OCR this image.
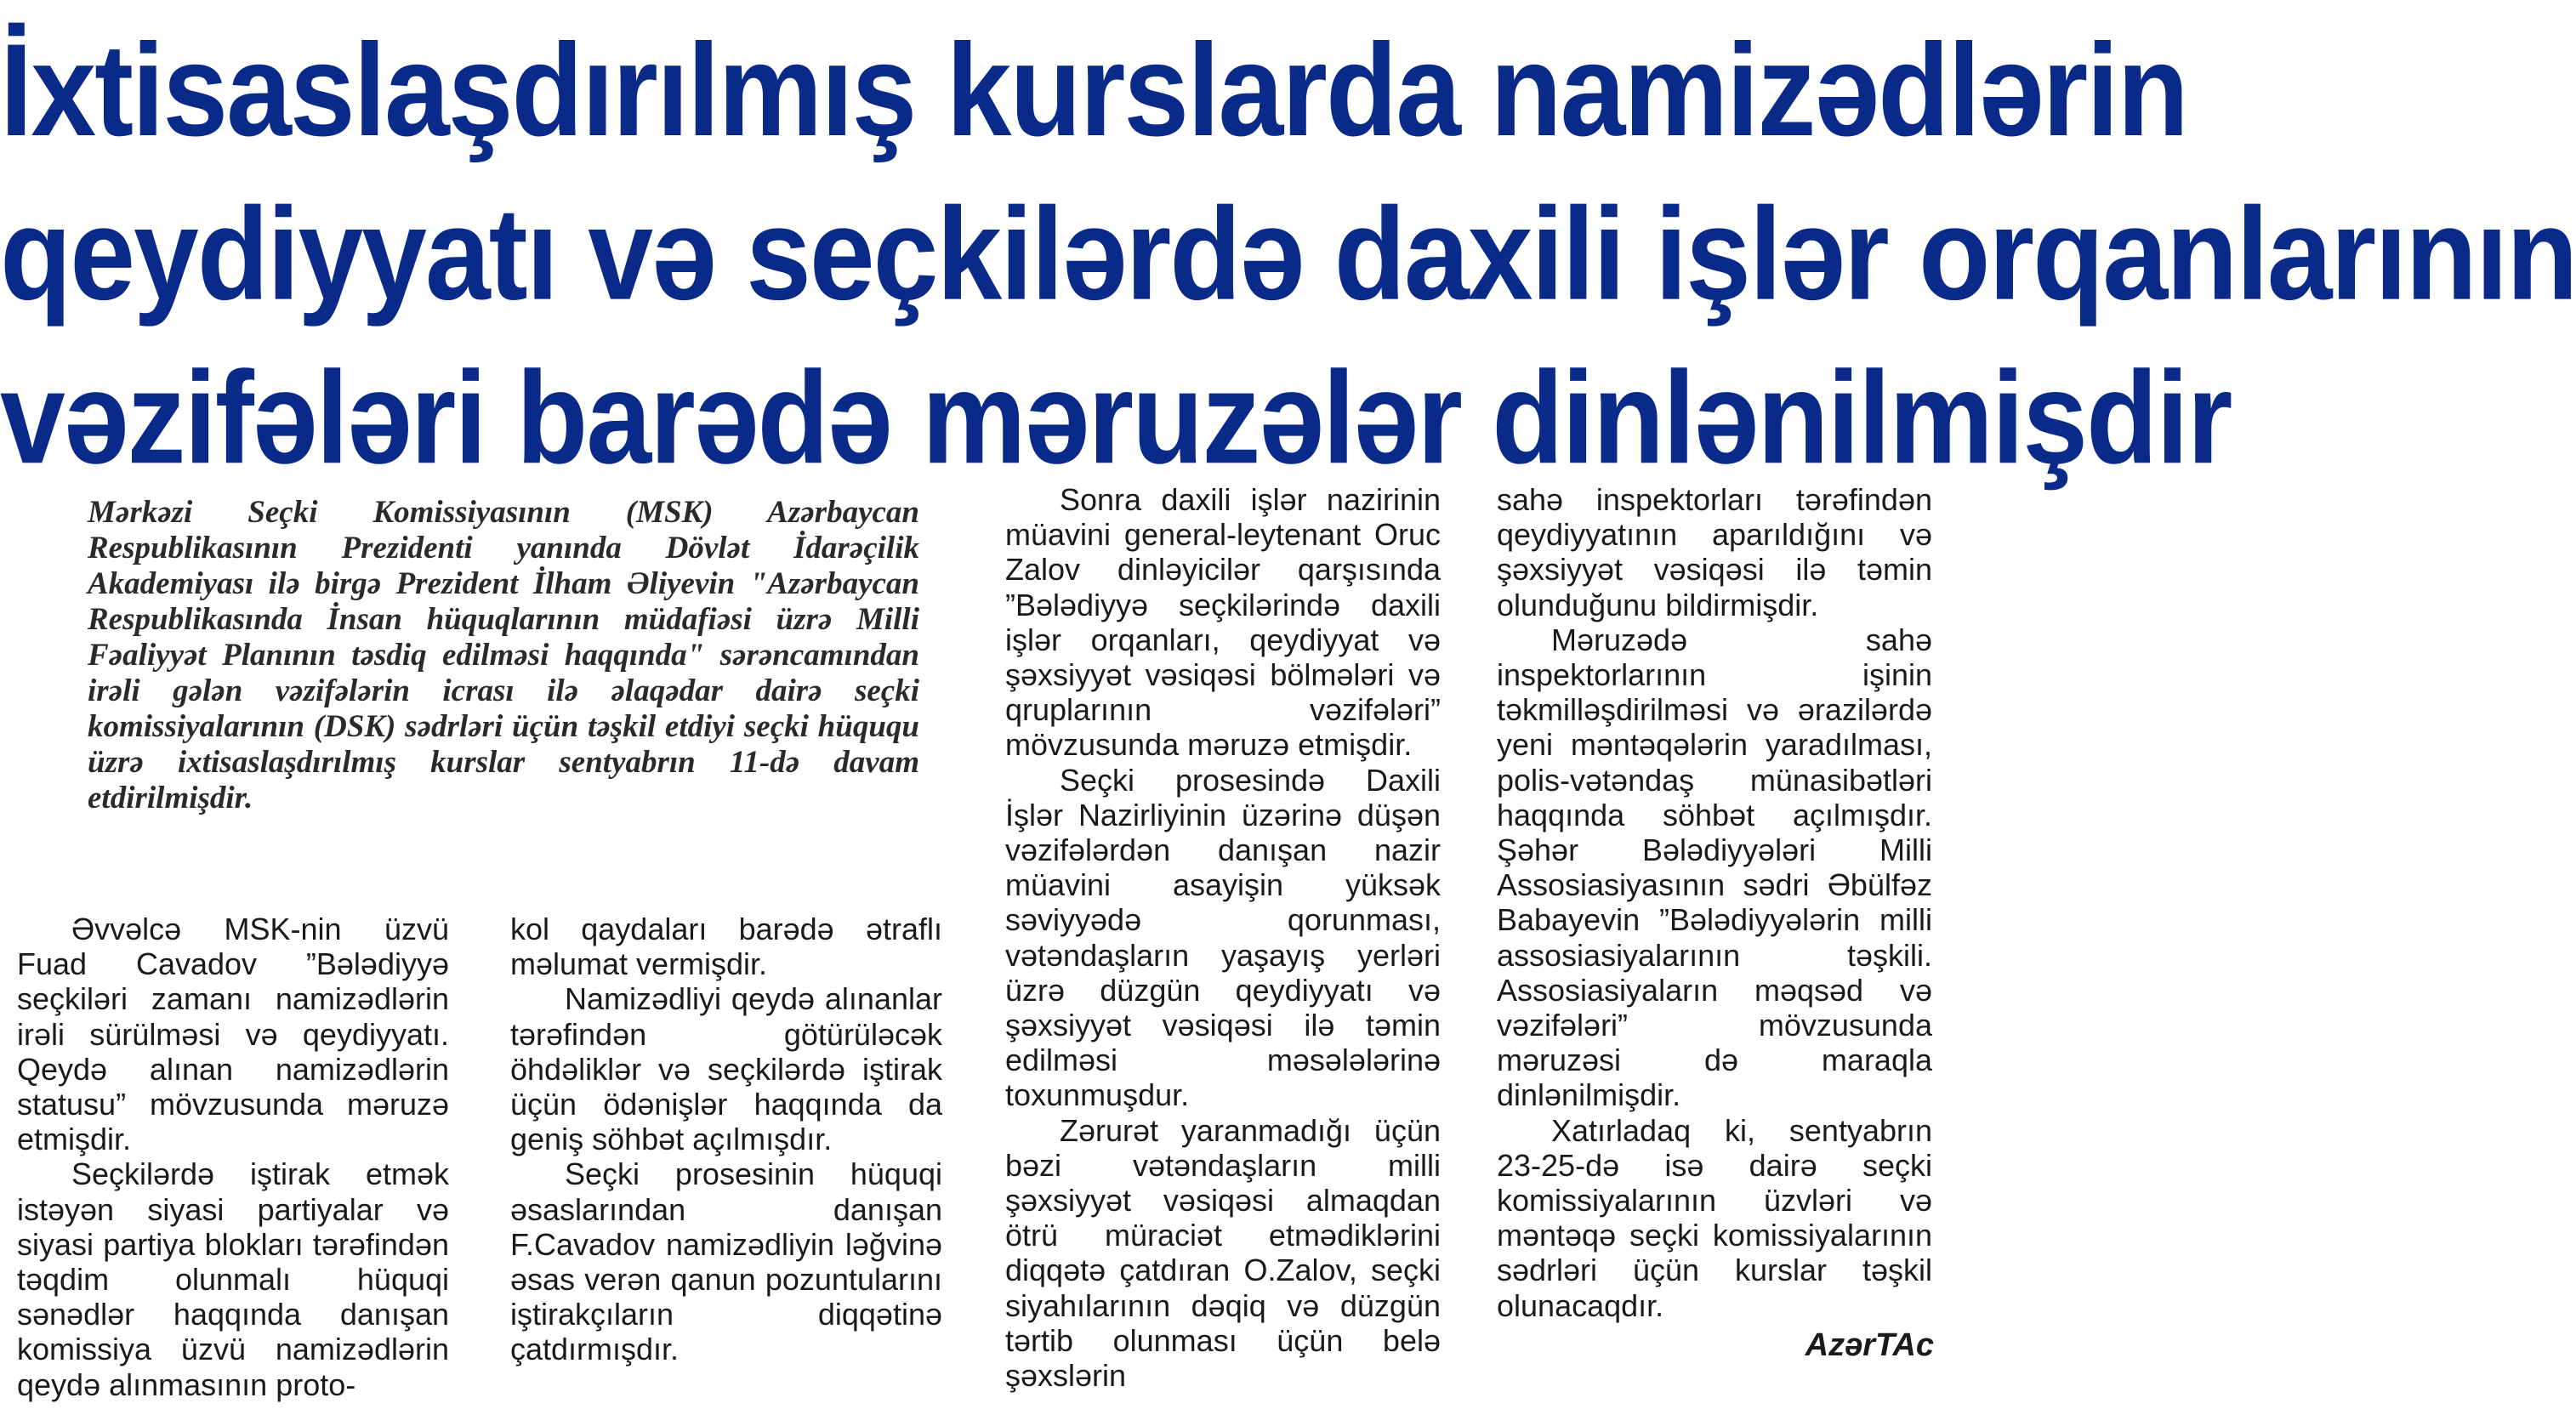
İxtisaslaşdırılmış kurslarda namizədlərin
qeydiyyatı və seçkilərdə daxili işlər orqanlarının
vəzifələri barədə məruzələr dinlənilmişdir

Mərkəzi Seçki Komissiyasının (MSK) Azərbaycan Respublikasının Prezidenti yanında Dövlət İdarəçilik Akademiyası ilə birgə Prezident İlham Əliyevin "Azərbaycan Respublikasında İnsan hüquqlarının müdafiəsi üzrə Milli Fəaliyyət Planının təsdiq edilməsi haqqında" sərəncamından irəli gələn vəzifələrin icrası ilə əlaqədar dairə seçki komissiyalarının (DSK) sədrləri üçün təşkil etdiyi seçki hüququ üzrə ixtisaslaşdırılmış kurslar sentyabrın 11-də davam etdirilmişdir.

Əvvəlcə MSK-nin üzvü Fuad Cavadov ”Bələdiyyə seçkiləri zamanı namizədlərin irəli sürülməsi və qeydiyyatı. Qeydə alınan namizədlərin statusu” mövzusunda məruzə etmişdir.

Seçkilərdə iştirak etmək istəyən siyasi partiyalar və siyasi partiya blokları tərəfindən təqdim olunmalı hüquqi sənədlər haqqında danışan komissiya üzvü namizədlərin qeydə alınmasının proto-

kol qaydaları barədə ətraflı məlumat vermişdir.

Namizədliyi qeydə alınanlar tərəfindən götürüləcək öhdəliklər və seçkilərdə iştirak üçün ödənişlər haqqında da geniş söhbət açılmışdır.

Seçki prosesinin hüquqi əsaslarından danışan F.Cavadov namizədliyin ləğvinə əsas verən qanun pozuntularını iştirakçıların diqqətinə çatdırmışdır.

Sonra daxili işlər nazirinin müavini general-leytenant Oruc Zalov dinləyicilər qarşısında ”Bələdiyyə seçkilərində daxili işlər orqanları, qeydiyyat və şəxsiyyət vəsiqəsi bölmələri və qruplarının vəzifələri” mövzusunda məruzə etmişdir.

Seçki prosesində Daxili İşlər Nazirliyinin üzərinə düşən vəzifələrdən danışan nazir müavini asayişin yüksək səviyyədə qorunması, vətəndaşların yaşayış yerləri üzrə düzgün qeydiyyatı və şəxsiyyət vəsiqəsi ilə təmin edilməsi məsələlərinə toxunmuşdur.

Zərurət yaranmadığı üçün bəzi vətəndaşların milli şəxsiyyət vəsiqəsi almaqdan ötrü müraciət etmədiklərini diqqətə çatdıran O.Zalov, seçki siyahılarının dəqiq və düzgün tərtib olunması üçün belə şəxslərin

sahə inspektorları tərəfindən qeydiyyatının aparıldığını və şəxsiyyət vəsiqəsi ilə təmin olunduğunu bildirmişdir.

Məruzədə sahə inspektorlarının işinin təkmilləşdirilməsi və ərazilərdə yeni məntəqələrin yaradılması, polis-vətəndaş münasibətləri haqqında söhbət açılmışdır. Şəhər Bələdiyyələri Milli Assosiasiyasının sədri Əbülfəz Babayevin ”Bələdiyyələrin milli assosiasiyalarının təşkili. Assosiasiyaların məqsəd və vəzifələri” mövzusunda məruzəsi də maraqla dinlənilmişdir.

Xatırladaq ki, sentyabrın 23-25-də isə dairə seçki komissiyalarının üzvləri və məntəqə seçki komissiyalarının sədrləri üçün kurslar təşkil olunacaqdır.

AzərTAc
